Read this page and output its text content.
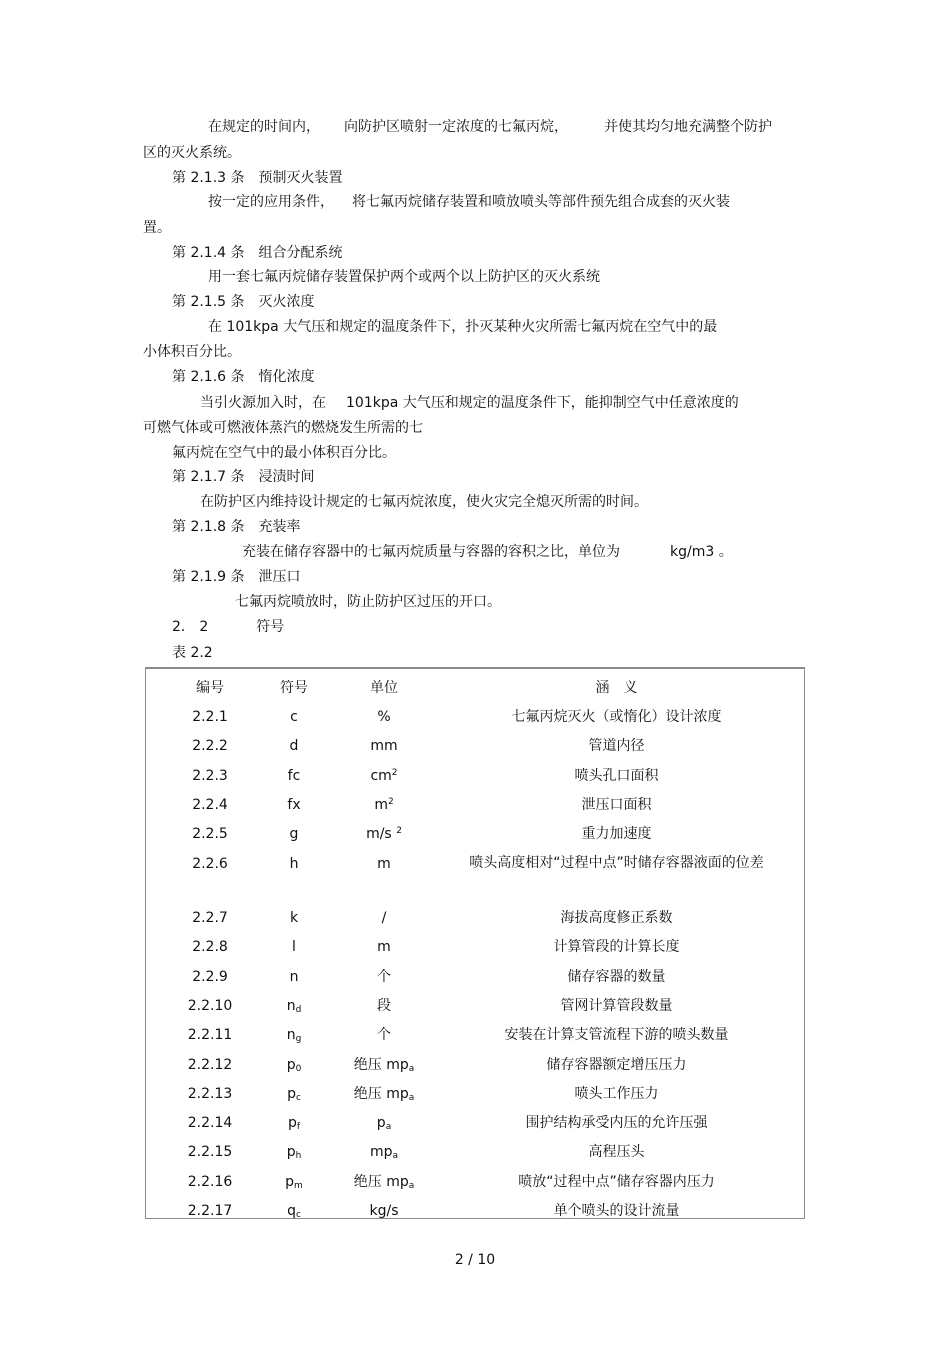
在规定的时间内， 向防护区喷射一定浓度的七氟丙烷，	并使其均匀地充满整个防护
区的灭火系统。
第 2.1.3 条　预制灭火装置
按一定的应用条件， 将七氟丙烷储存装置和喷放喷头等部件预先组合成套的灭火装
置。
第 2.1.4 条　组合分配系统
用一套七氟丙烷储存装置保护两个或两个以上防护区的灭火系统
第 2.1.5 条　灭火浓度
在 101kpa 大气压和规定的温度条件下，扑灭某种火灾所需七氟丙烷在空气中的最
小体积百分比。
第 2.1.6 条　惰化浓度
当引火源加入时，在 101kpa 大气压和规定的温度条件下，能抑制空气中任意浓度的
可燃气体或可燃液体蒸汽的燃烧发生所需的七
氟丙烷在空气中的最小体积百分比。
第 2.1.7 条　浸渍时间
在防护区内维持设计规定的七氟丙烷浓度，使火灾完全熄灭所需的时间。
第 2.1.8 条　充装率
充装在储存容器中的七氟丙烷质量与容器的容积之比，单位为	kg/m3 。
第 2.1.9 条　泄压口
七氟丙烷喷放时，防止防护区过压的开口。
2.　2	符号
表 2.2
编号	符号	单位	涵　义
2.2.1	c	%	七氟丙烷灭火（或惰化）设计浓度
2.2.2	d	mm	管道内径
2.2.3	fc	$cm^2$	喷头孔口面积
2.2.4	fx	$m^2$	泄压口面积
2.2.5	g	m/s $^2$	重力加速度
2.2.6	h	m	喷头高度相对“过程中点”时储存容器液面的位差
2.2.7	k	/	海拔高度修正系数
2.2.8	l	m	计算管段的计算长度
2.2.9	n	个	储存容器的数量
2.2.10	$n_d$	段	管网计算管段数量
2.2.11	$n_g$	个	安装在计算支管流程下游的喷头数量
2.2.12	$p_0$	绝压 $mp_a$	储存容器额定增压压力
2.2.13	$p_c$	绝压 $mp_a$	喷头工作压力
2.2.14	$p_f$	$p_a$	围护结构承受内压的允许压强
2.2.15	$p_h$	$mp_a$	高程压头
2.2.16	$p_m$	绝压 $mp_a$	喷放“过程中点”储存容器内压力
2.2.17	$q_c$	kg/s	单个喷头的设计流量
2 / 10
